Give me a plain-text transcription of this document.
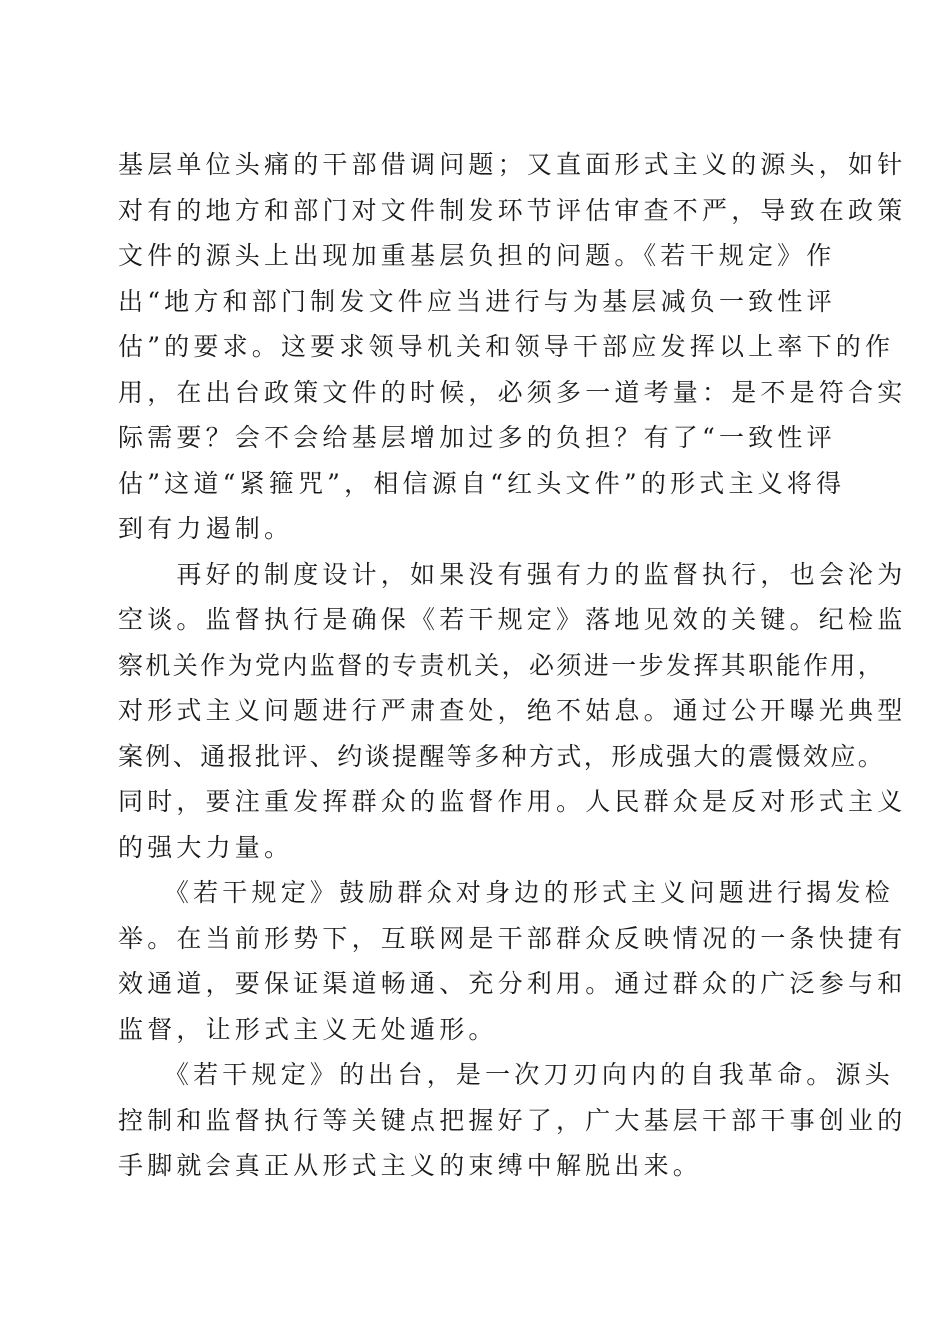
基层单位头痛的干部借调问题；又直面形式主义的源头，如针
对有的地方和部门对文件制发环节评估审查不严，导致在政策
文件的源头上出现加重基层负担的问题。《若干规定》作
出“地方和部门制发文件应当进行与为基层减负一致性评
估”的要求。这要求领导机关和领导干部应发挥以上率下的作
用，在出台政策文件的时候，必须多一道考量：是不是符合实
际需要？会不会给基层增加过多的负担？有了“一致性评
估”这道“紧箍咒”，相信源自“红头文件”的形式主义将得
到有力遏制。
　　再好的制度设计，如果没有强有力的监督执行，也会沦为
空谈。监督执行是确保《若干规定》落地见效的关键。纪检监
察机关作为党内监督的专责机关，必须进一步发挥其职能作用，
对形式主义问题进行严肃查处，绝不姑息。通过公开曝光典型
案例、通报批评、约谈提醒等多种方式，形成强大的震慑效应。
同时，要注重发挥群众的监督作用。人民群众是反对形式主义
的强大力量。
　　《若干规定》鼓励群众对身边的形式主义问题进行揭发检
举。在当前形势下，互联网是干部群众反映情况的一条快捷有
效通道，要保证渠道畅通、充分利用。通过群众的广泛参与和
监督，让形式主义无处遁形。
　　《若干规定》的出台，是一次刀刃向内的自我革命。源头
控制和监督执行等关键点把握好了，广大基层干部干事创业的
手脚就会真正从形式主义的束缚中解脱出来。
